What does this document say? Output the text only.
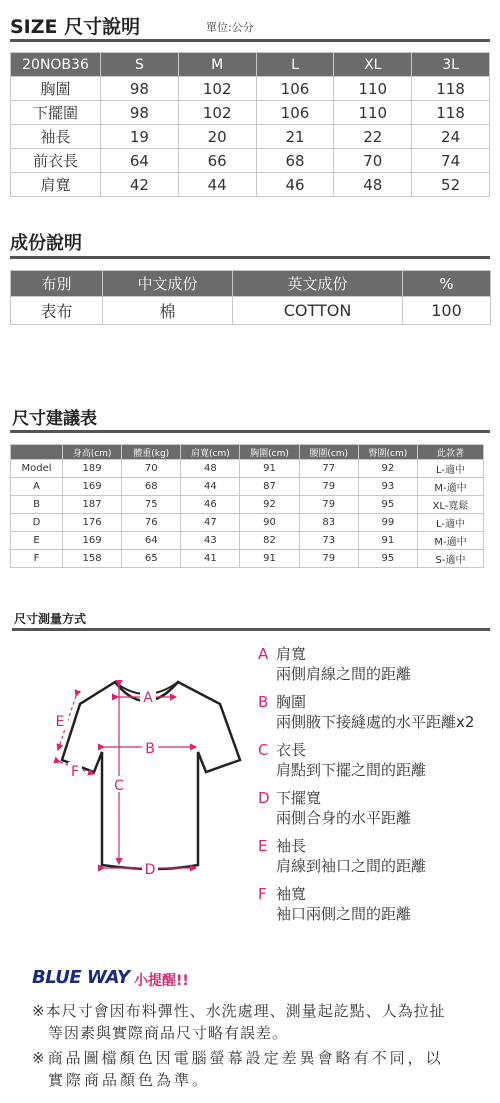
SIZE 尺寸說明	單位:公分
20NOB36	S	M	L	XL	3L
胸圍	98	102	106	110	118
下擺圍	98	102	106	110	118
袖長	19	20	21	22	24
前衣長	64	66	68	70	74
肩寬	42	44	46	48	52
成份說明
布別	中文成份	英文成份	%
表布	棉	COTTON	100
尺寸建議表
	身高(cm)	體重(kg)	肩寬(cm)	胸圍(cm)	腰圍(cm)	臀圍(cm)	此款著
Model	189	70	48	91	77	92	L-適中
A	169	68	44	87	79	93	M-適中
B	187	75	46	92	79	95	XL-寬鬆
D	176	76	47	90	83	99	L-適中
E	169	64	43	82	73	91	M-適中
F	158	65	41	91	79	95	S-適中
尺寸測量方式
A
B
C
D
E
F
A 肩寬
兩側肩線之間的距離
B 胸圍
兩側腋下接縫處的水平距離x2
C 衣長
肩點到下擺之間的距離
D 下擺寬
兩側合身的水平距離
E 袖長
肩線到袖口之間的距離
F 袖寬
袖口兩側之間的距離
BLUE WAY 小提醒!!
※本尺寸會因布料彈性、水洗處理、測量起訖點、人為拉扯
等因素與實際商品尺寸略有誤差。
※商品圖檔顏色因電腦螢幕設定差異會略有不同，以
實際商品顏色為準。
